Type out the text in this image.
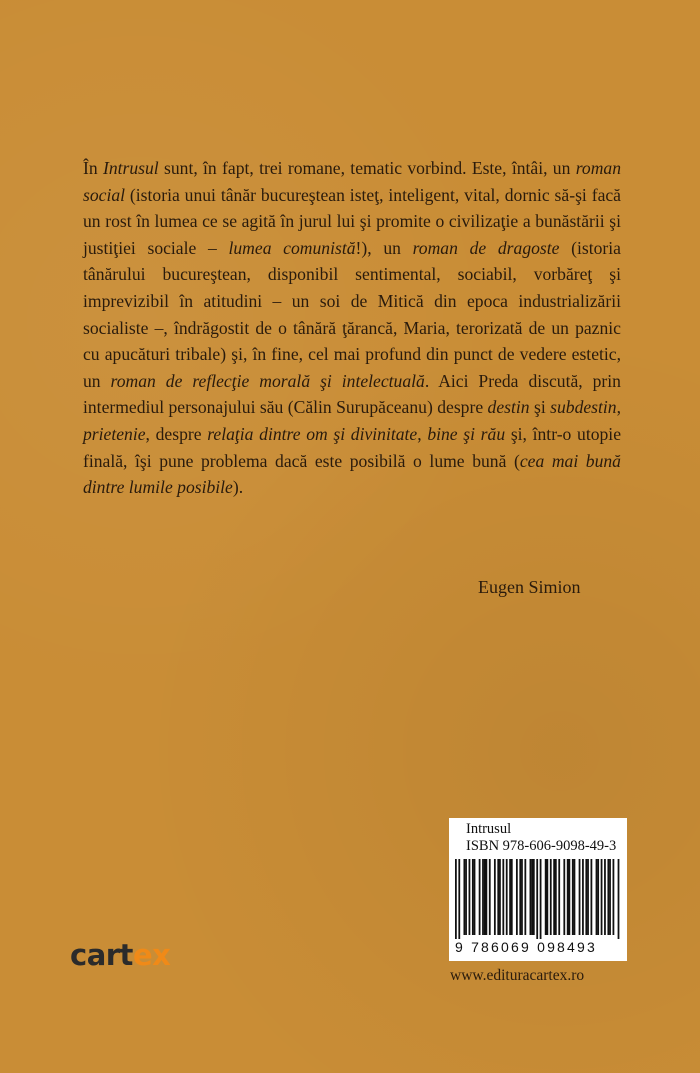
În Intrusul sunt, în fapt, trei romane, tematic vorbind. Este, întâi, un roman social (istoria unui tânăr bucureştean isteţ, inteligent, vital, dornic să-şi facă un rost în lumea ce se agită în jurul lui şi promite o civilizaţie a bunăstării şi justiţiei sociale – lumea comunistă!), un roman de dragoste (istoria tânărului bucureştean, disponibil sentimental, sociabil, vorbăreţ şi imprevizibil în atitudini – un soi de Mitică din epoca industrializării socialiste –, îndrăgostit de o tânără ţărancă, Maria, terorizată de un paznic cu apucături tribale) şi, în fine, cel mai profund din punct de vedere estetic, un roman de reflecţie morală şi intelectuală. Aici Preda discută, prin intermediul personajului său (Călin Surupăceanu) despre destin şi subdestin, prietenie, despre relaţia dintre om şi divinitate, bine şi rău şi, într-o utopie finală, îşi pune problema dacă este posibilă o lume bună (cea mai bună dintre lumile posibile).

Eugen Simion
Intrusul
ISBN 978-606-9098-49-3
9 786069 098493
cartex
www.edituracartex.ro
